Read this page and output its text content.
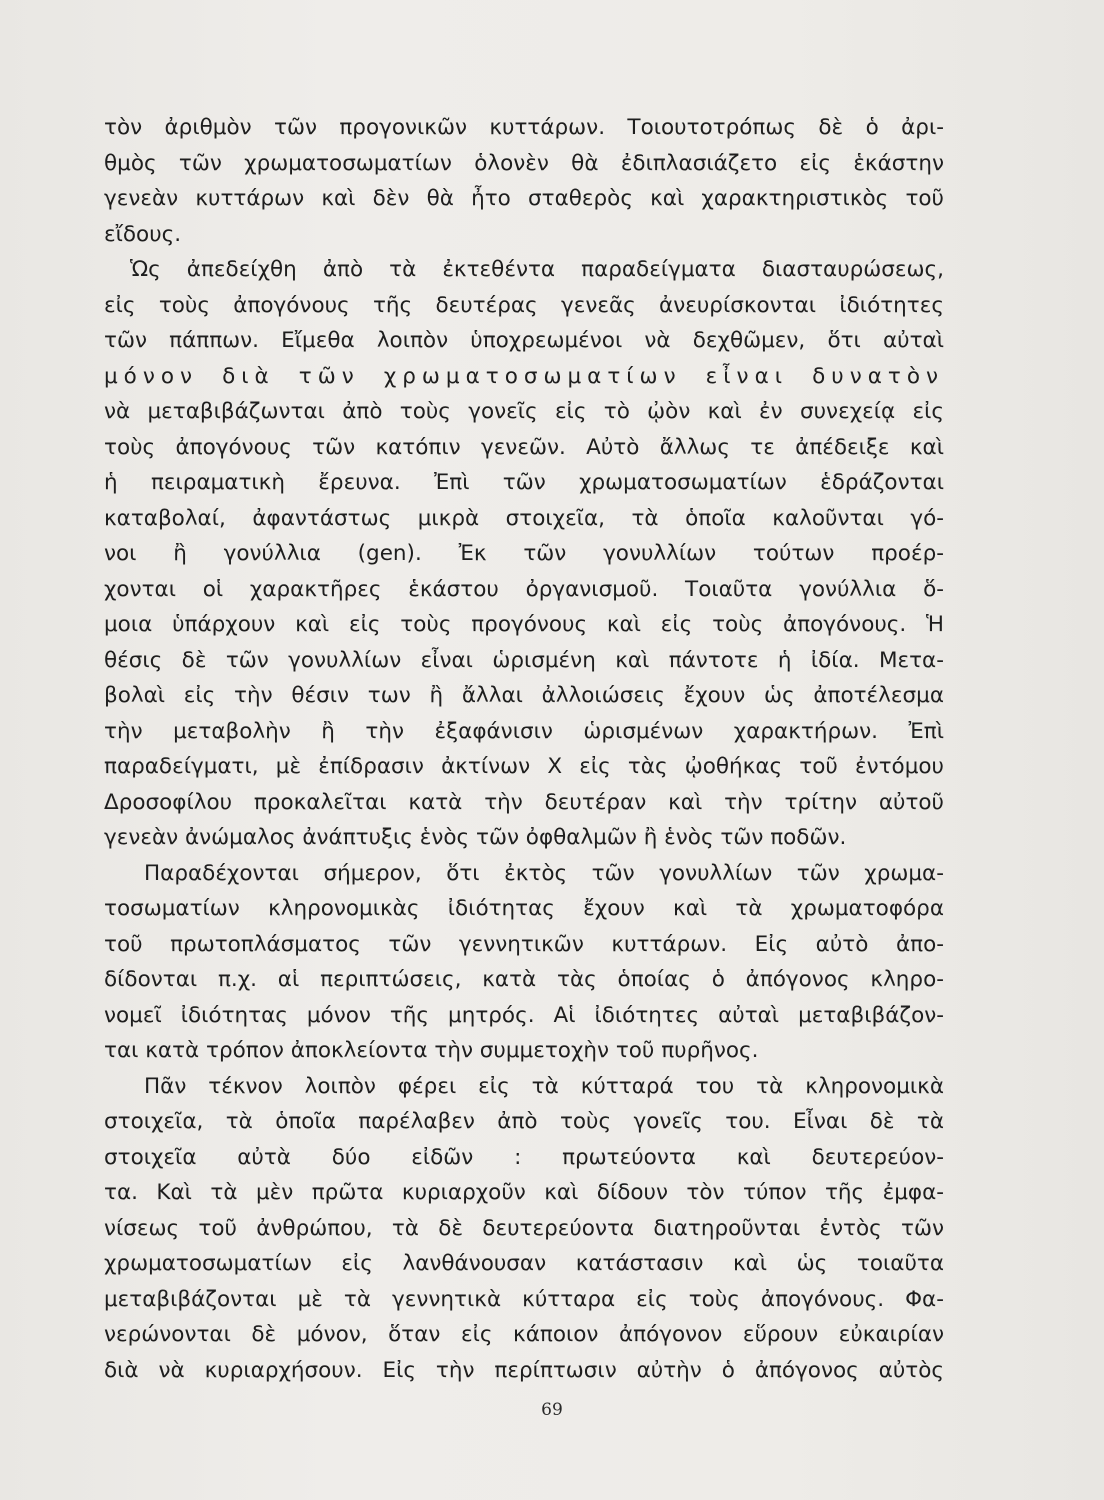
τὸν ἀριθμὸν τῶν προγονικῶν κυττάρων. Τοιουτοτρόπως δὲ ὁ ἀρι-
θμὸς τῶν χρωματοσωματίων ὁλονὲν θὰ ἐδιπλασιάζετο εἰς ἑκάστην
γενεὰν κυττάρων καὶ δὲν θὰ ἦτο σταθερὸς καὶ χαρακτηριστικὸς τοῦ
εἴδους.
Ὡς ἀπεδείχθη ἀπὸ τὰ ἐκτεθέντα παραδείγματα διασταυρώσεως,
εἰς τοὺς ἀπογόνους τῆς δευτέρας γενεᾶς ἀνευρίσκονται ἰδιότητες
τῶν πάππων. Εἴμεθα λοιπὸν ὑποχρεωμένοι νὰ δεχθῶμεν, ὅτι αὐταὶ
μόνον διὰ τῶν χρωματοσωματίων εἶναι δυνατὸν
νὰ μεταβιβάζωνται ἀπὸ τοὺς γονεῖς εἰς τὸ ᾠὸν καὶ ἐν συνεχείᾳ εἰς
τοὺς ἀπογόνους τῶν κατόπιν γενεῶν. Αὐτὸ ἄλλως τε ἀπέδειξε καὶ
ἡ πειραματικὴ ἔρευνα. Ἐπὶ τῶν χρωματοσωματίων ἑδράζονται
καταβολαί, ἀφαντάστως μικρὰ στοιχεῖα, τὰ ὁποῖα καλοῦνται γό-
νοι ἢ γονύλλια (gen). Ἐκ τῶν γονυλλίων τούτων προέρ-
χονται οἱ χαρακτῆρες ἑκάστου ὀργανισμοῦ. Τοιαῦτα γονύλλια ὅ-
μοια ὑπάρχουν καὶ εἰς τοὺς προγόνους καὶ εἰς τοὺς ἀπογόνους. Ἡ
θέσις δὲ τῶν γονυλλίων εἶναι ὡρισμένη καὶ πάντοτε ἡ ἰδία. Μετα-
βολαὶ εἰς τὴν θέσιν των ἢ ἄλλαι ἀλλοιώσεις ἔχουν ὡς ἀποτέλεσμα
τὴν μεταβολὴν ἢ τὴν ἐξαφάνισιν ὡρισμένων χαρακτήρων. Ἐπὶ
παραδείγματι, μὲ ἐπίδρασιν ἀκτίνων X εἰς τὰς ᾠοθήκας τοῦ ἐντόμου
Δροσοφίλου προκαλεῖται κατὰ τὴν δευτέραν καὶ τὴν τρίτην αὐτοῦ
γενεὰν ἀνώμαλος ἀνάπτυξις ἑνὸς τῶν ὀφθαλμῶν ἢ ἑνὸς τῶν ποδῶν.
Παραδέχονται σήμερον, ὅτι ἐκτὸς τῶν γονυλλίων τῶν χρωμα-
τοσωματίων κληρονομικὰς ἰδιότητας ἔχουν καὶ τὰ χρωματοφόρα
τοῦ πρωτοπλάσματος τῶν γεννητικῶν κυττάρων. Εἰς αὐτὸ ἀπο-
δίδονται π.χ. αἱ περιπτώσεις, κατὰ τὰς ὁποίας ὁ ἀπόγονος κληρο-
νομεῖ ἰδιότητας μόνον τῆς μητρός. Αἱ ἰδιότητες αὐταὶ μεταβιβάζον-
ται κατὰ τρόπον ἀποκλείοντα τὴν συμμετοχὴν τοῦ πυρῆνος.
Πᾶν τέκνον λοιπὸν φέρει εἰς τὰ κύτταρά του τὰ κληρονομικὰ
στοιχεῖα, τὰ ὁποῖα παρέλαβεν ἀπὸ τοὺς γονεῖς του. Εἶναι δὲ τὰ
στοιχεῖα αὐτὰ δύο εἰδῶν : πρωτεύοντα καὶ δευτερεύον-
τα. Καὶ τὰ μὲν πρῶτα κυριαρχοῦν καὶ δίδουν τὸν τύπον τῆς ἐμφα-
νίσεως τοῦ ἀνθρώπου, τὰ δὲ δευτερεύοντα διατηροῦνται ἐντὸς τῶν
χρωματοσωματίων εἰς λανθάνουσαν κατάστασιν καὶ ὡς τοιαῦτα
μεταβιβάζονται μὲ τὰ γεννητικὰ κύτταρα εἰς τοὺς ἀπογόνους. Φα-
νερώνονται δὲ μόνον, ὅταν εἰς κάποιον ἀπόγονον εὕρουν εὐκαιρίαν
διὰ νὰ κυριαρχήσουν. Εἰς τὴν περίπτωσιν αὐτὴν ὁ ἀπόγονος αὐτὸς
69
